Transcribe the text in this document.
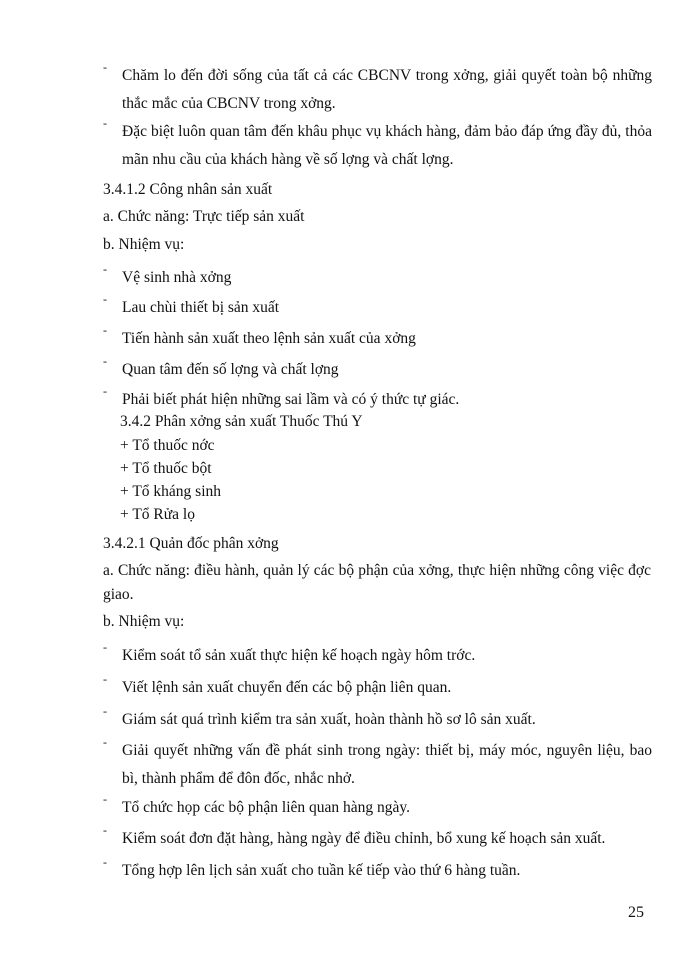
- Chăm lo đến đời sống của tất cả các CBCNV trong xởng, giải quyết toàn bộ những thắc mắc của CBCNV trong xởng.
- Đặc biệt luôn quan tâm đến khâu phục vụ khách hàng, đảm bảo đáp ứng đầy đủ, thỏa mãn nhu cầu của khách hàng về số lợng và chất lợng.
3.4.1.2 Công nhân sản xuất
a. Chức năng: Trực tiếp sản xuất
b. Nhiệm vụ:
- Vệ sinh nhà xởng
- Lau chùi thiết bị sản xuất
- Tiến hành sản xuất theo lệnh sản xuất của xởng
- Quan tâm đến số lợng và chất lợng
- Phải biết phát hiện những sai lầm và có ý thức tự giác.
3.4.2 Phân xởng sản xuất Thuốc Thú Y
+ Tổ thuốc nớc
+ Tổ thuốc bột
+ Tổ kháng sinh
+ Tổ Rửa lọ
3.4.2.1 Quản đốc phân xởng
a. Chức năng: điều hành, quản lý các bộ phận của xởng, thực hiện những công việc đợc giao.
b. Nhiệm vụ:
- Kiểm soát tổ sản xuất thực hiện kế hoạch ngày hôm trớc.
- Viết lệnh sản xuất chuyển đến các bộ phận liên quan.
- Giám sát quá trình kiểm tra sản xuất, hoàn thành hồ sơ lô sản xuất.
- Giải quyết những vấn đề phát sinh trong ngày: thiết bị, máy móc, nguyên liệu, bao bì, thành phẩm để đôn đốc, nhắc nhở.
- Tổ chức họp các bộ phận liên quan hàng ngày.
- Kiểm soát đơn đặt hàng, hàng ngày để điều chỉnh, bổ xung kế hoạch sản xuất.
- Tổng hợp lên lịch sản xuất cho tuần kế tiếp vào thứ 6 hàng tuần.
25
